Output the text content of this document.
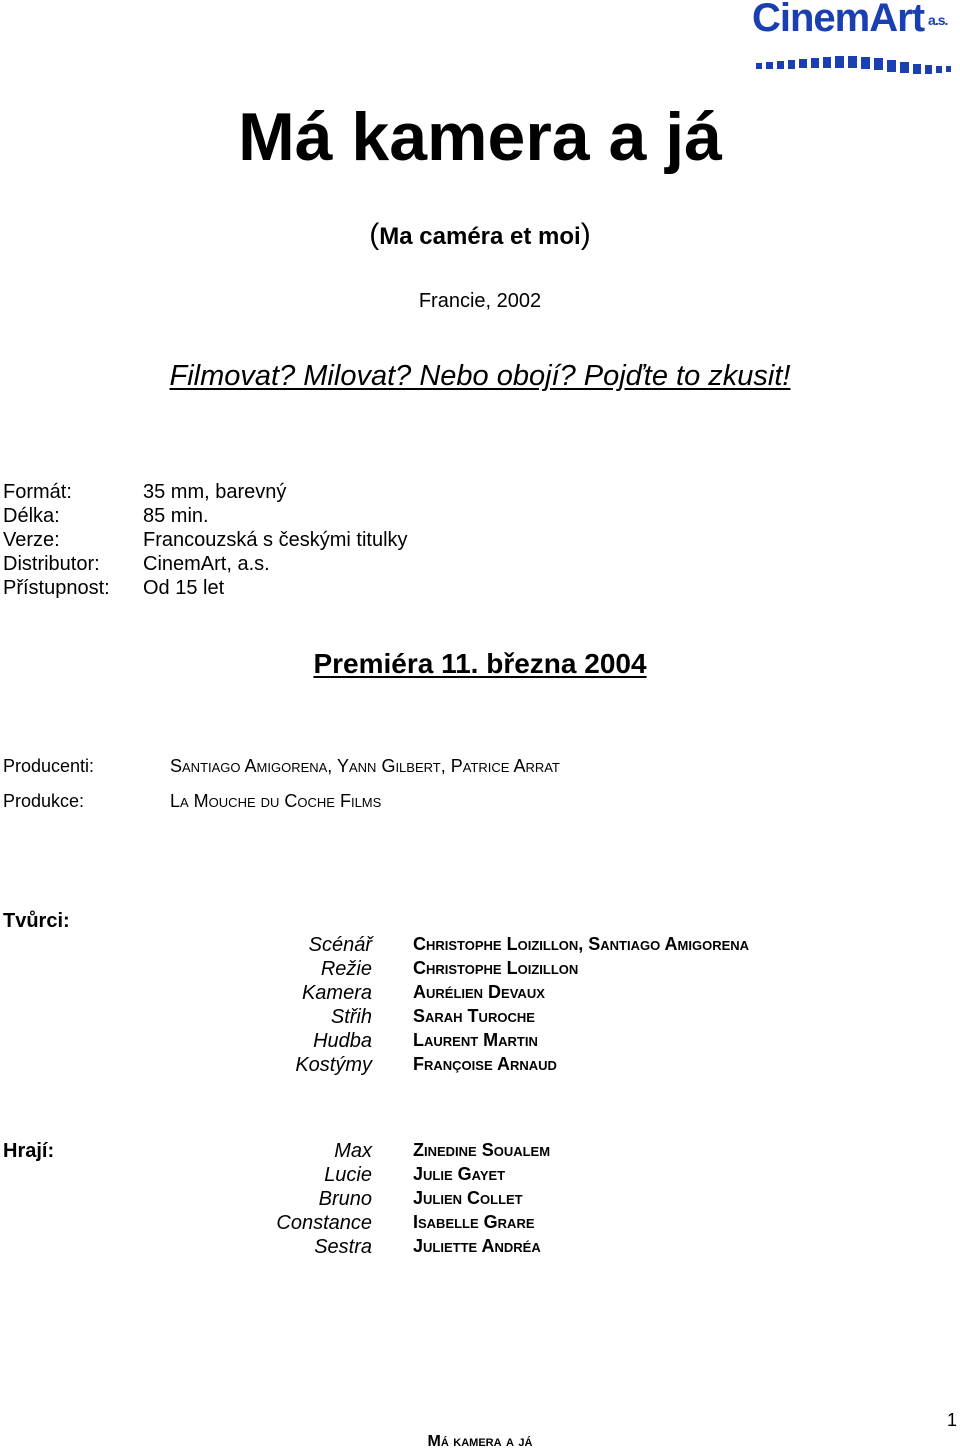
CinemArt a.s.
Má kamera a já
(Ma caméra et moi)
Francie, 2002
Filmovat? Milovat? Nebo obojí? Pojďte to zkusit!
Formát:	35 mm, barevný
Délka:	85 min.
Verze:	Francouzská s českými titulky
Distributor:	CinemArt, a.s.
Přístupnost:	Od 15 let
Premiéra 11. března 2004
Producenti:	Santiago Amigorena, Yann Gilbert, Patrice Arrat
Produkce:	La Mouche du Coche Films
Tvůrci:
Scénář Christophe Loizillon, Santiago Amigorena
Režie Christophe Loizillon
Kamera Aurélien Devaux
Střih Sarah Turoche
Hudba Laurent Martin
Kostýmy Françoise Arnaud
Hrají:	Max Zinedine Soualem
Lucie Julie Gayet
Bruno Julien Collet
Constance Isabelle Grare
Sestra Juliette Andréa
Má kamera a já
1
